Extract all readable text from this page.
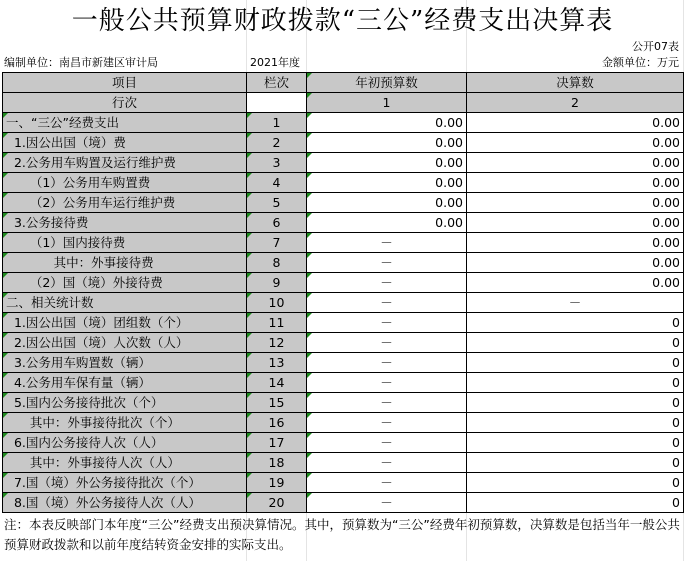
一般公共预算财政拨款“三公”经费支出决算表
公开07表
编制单位：南昌市新建区审计局	2021年度	金额单位：万元
项目	栏次	年初预算数	决算数
行次		1	2
一、“三公”经费支出	1	0.00	0.00
1.因公出国（境）费	2	0.00	0.00
2.公务用车购置及运行维护费	3	0.00	0.00
（1）公务用车购置费	4	0.00	0.00
（2）公务用车运行维护费	5	0.00	0.00
3.公务接待费	6	0.00	0.00
（1）国内接待费	7	－	0.00
其中：外事接待费	8	－	0.00
（2）国（境）外接待费	9	－	0.00
二、相关统计数	10	－	－
1.因公出国（境）团组数（个）	11	－	0
2.因公出国（境）人次数（人）	12	－	0
3.公务用车购置数（辆）	13	－	0
4.公务用车保有量（辆）	14	－	0
5.国内公务接待批次（个）	15	－	0
其中：外事接待批次（个）	16	－	0
6.国内公务接待人次（人）	17	－	0
其中：外事接待人次（人）	18	－	0
7.国（境）外公务接待批次（个）	19	－	0
8.国（境）外公务接待人次（人）	20	－	0
注：本表反映部门本年度“三公”经费支出预决算情况。其中，预算数为“三公”经费年初预算数，决算数是包括当年一般公共预算财政拨款和以前年度结转资金安排的实际支出。
